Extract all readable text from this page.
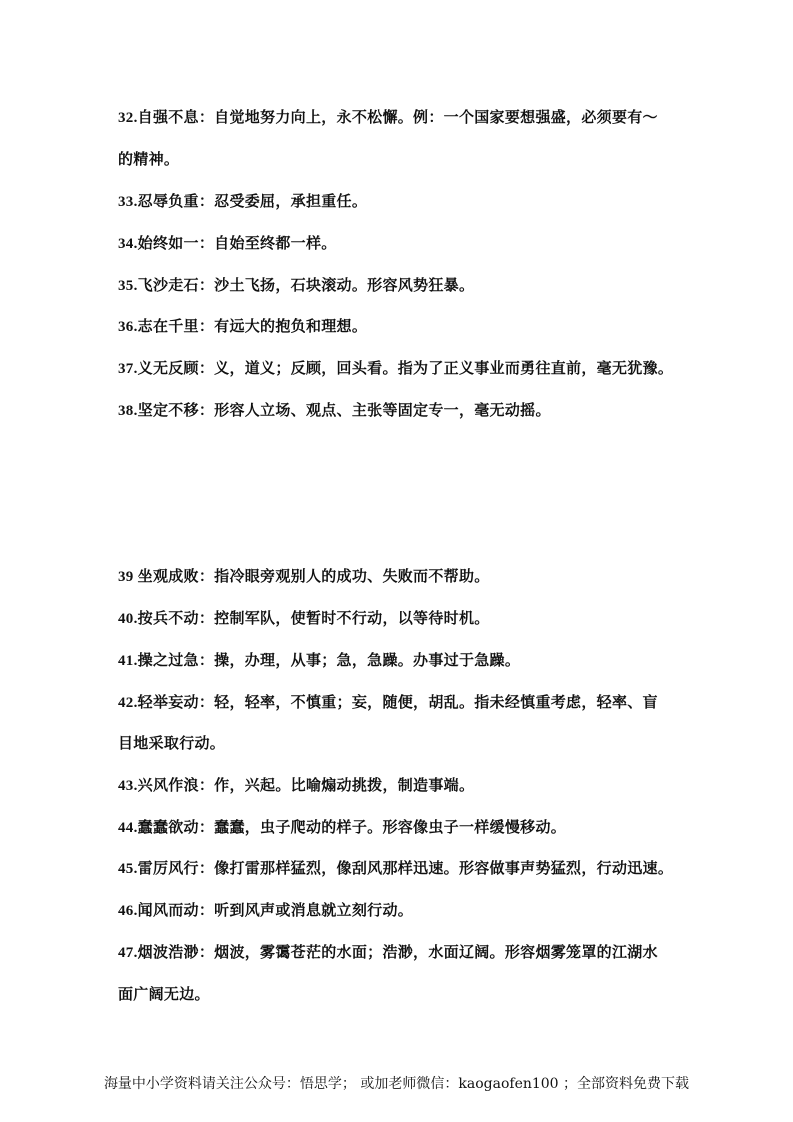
32.自强不息：自觉地努力向上，永不松懈。例：一个国家要想强盛，必须要有～
的精神。
33.忍辱负重：忍受委屈，承担重任。
34.始终如一：自始至终都一样。
35.飞沙走石：沙土飞扬，石块滚动。形容风势狂暴。
36.志在千里：有远大的抱负和理想。
37.义无反顾：义，道义；反顾，回头看。指为了正义事业而勇往直前，毫无犹豫。
38.坚定不移：形容人立场、观点、主张等固定专一，毫无动摇。
39 坐观成败：指冷眼旁观别人的成功、失败而不帮助。
40.按兵不动：控制军队，使暂时不行动，以等待时机。
41.操之过急：操，办理，从事；急，急躁。办事过于急躁。
42.轻举妄动：轻，轻率，不慎重；妄，随便，胡乱。指未经慎重考虑，轻率、盲
目地采取行动。
43.兴风作浪：作，兴起。比喻煽动挑拨，制造事端。
44.蠢蠢欲动：蠢蠢，虫子爬动的样子。形容像虫子一样缓慢移动。
45.雷厉风行：像打雷那样猛烈，像刮风那样迅速。形容做事声势猛烈，行动迅速。
46.闻风而动：听到风声或消息就立刻行动。
47.烟波浩渺：烟波，雾霭苍茫的水面；浩渺，水面辽阔。形容烟雾笼罩的江湖水
面广阔无边。
海量中小学资料请关注公众号：悟思学； 或加老师微信：kaogaofen100 ；全部资料免费下载
